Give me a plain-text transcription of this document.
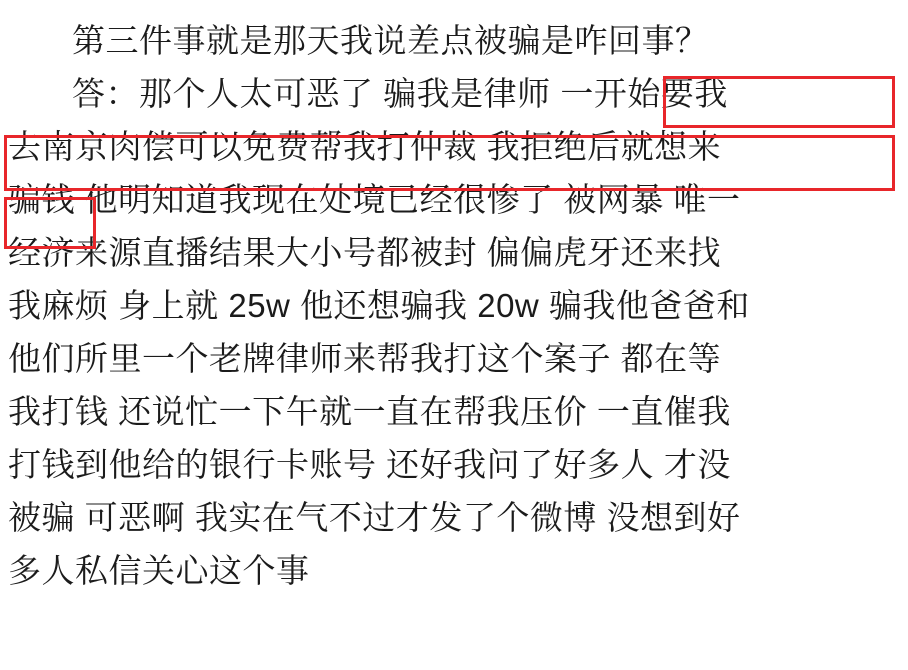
第三件事就是那天我说差点被骗是咋回事？
答：那个人太可恶了 骗我是律师 一开始要我
去南京肉偿可以免费帮我打仲裁 我拒绝后就想来
骗钱 他明知道我现在处境已经很惨了 被网暴 唯一
经济来源直播结果大小号都被封 偏偏虎牙还来找
我麻烦 身上就 25w 他还想骗我 20w 骗我他爸爸和
他们所里一个老牌律师来帮我打这个案子 都在等
我打钱 还说忙一下午就一直在帮我压价 一直催我
打钱到他给的银行卡账号 还好我问了好多人 才没
被骗 可恶啊 我实在气不过才发了个微博 没想到好
多人私信关心这个事
